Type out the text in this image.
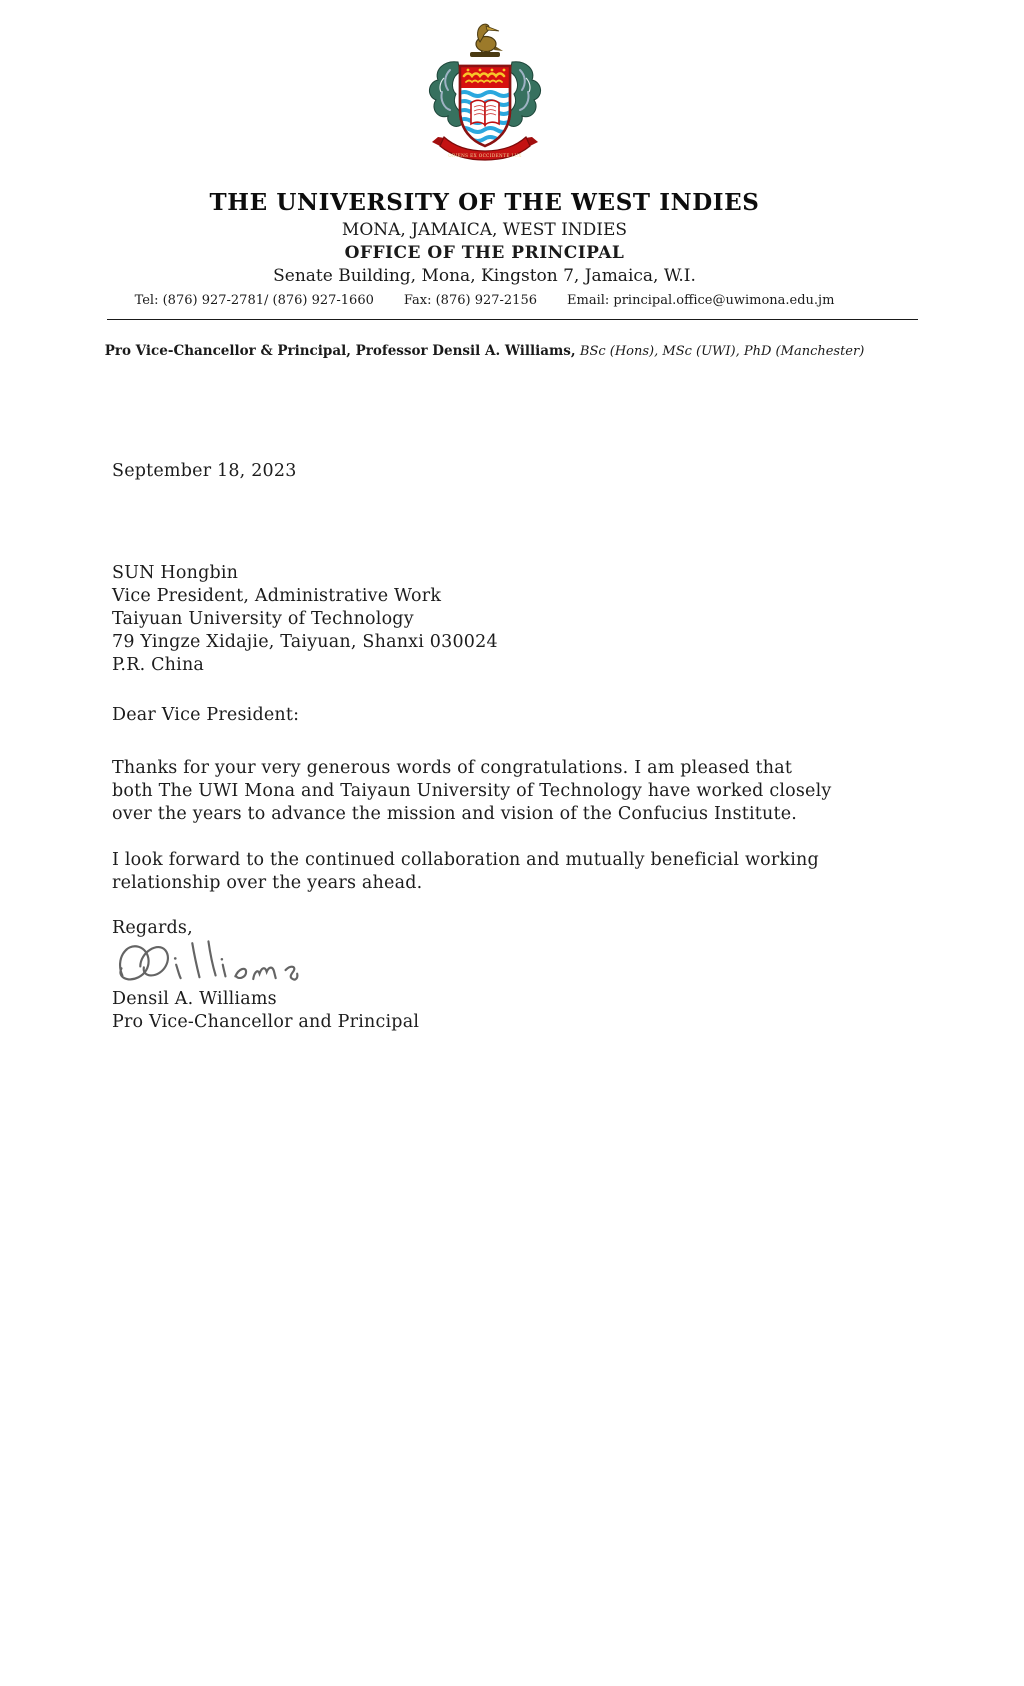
ORIENS EX OCCIDENTE LUX
THE UNIVERSITY OF THE WEST INDIES
MONA, JAMAICA, WEST INDIES
OFFICE OF THE PRINCIPAL
Senate Building, Mona, Kingston 7, Jamaica, W.I.
Tel: (876) 927-2781/ (876) 927-1660 Fax: (876) 927-2156 Email: principal.office@uwimona.edu.jm
Pro Vice-Chancellor & Principal, Professor Densil A. Williams, BSc (Hons), MSc (UWI), PhD (Manchester)
September 18, 2023
SUN Hongbin
Vice President, Administrative Work
Taiyuan University of Technology
79 Yingze Xidajie, Taiyuan, Shanxi 030024
P.R. China
Dear Vice President:
Thanks for your very generous words of congratulations. I am pleased that
both The UWI Mona and Taiyaun University of Technology have worked closely
over the years to advance the mission and vision of the Confucius Institute.
I look forward to the continued collaboration and mutually beneficial working
relationship over the years ahead.
Regards,
Densil A. Williams
Pro Vice-Chancellor and Principal
